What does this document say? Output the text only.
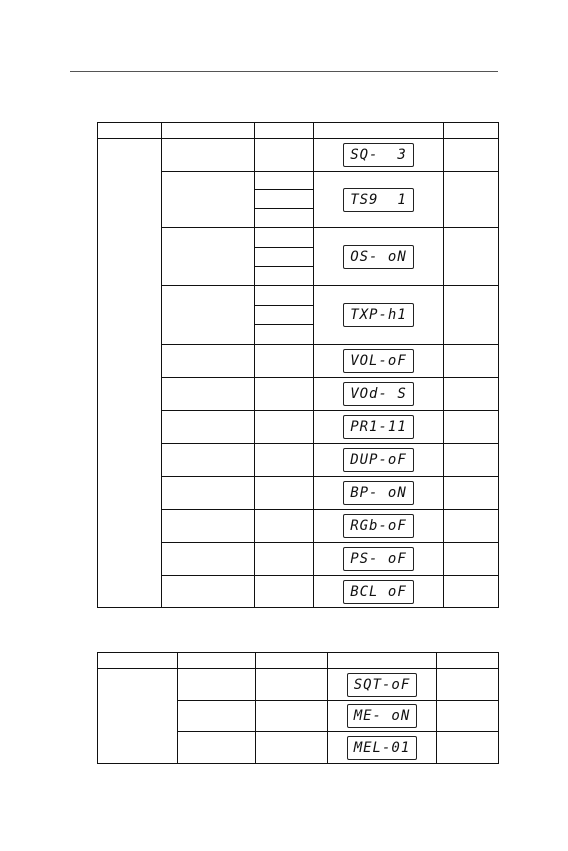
			SQ-  3	
			TS9  1	

			OS- oN	

			TXP-h1	

			VOL-oF	
			VOd- S	
			PR1-11	
			DUP-oF	
			BP- oN	
			RGb-oF	
			PS- oF	
			BCL oF	

			SQT-oF	
			ME- oN	
			MEL-01	
